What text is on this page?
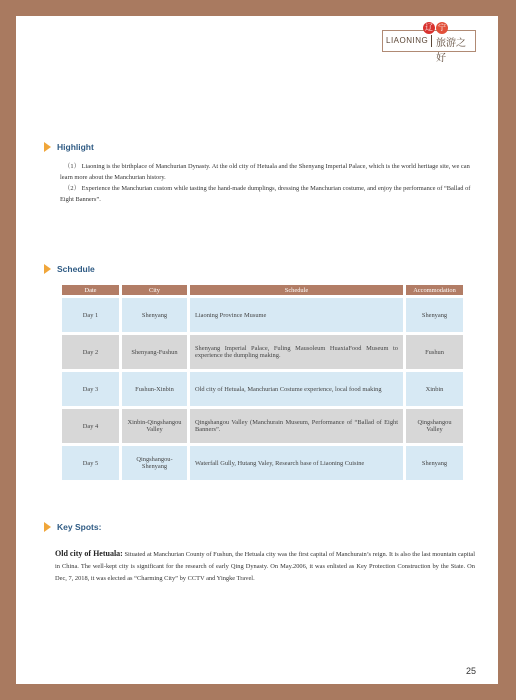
辽 宁
LIAONING 旅游之好
Highlight

（1） Liaoning is the birthplace of Manchurian Dynasty. At the old city of Hetuala and the Shenyang Imperial Palace, which is the world heritage site, we can learn more about the Manchurian history.

（2） Experience the Manchurian custom while tasting the hand-made dumplings, dressing the Manchurian costume, and enjoy the performance of “Ballad of Eight Banners”.

Schedule
Date	City	Schedule	Accommodation
Day 1	Shenyang	Liaoning Province Musume	Shenyang
Day 2	Shenyang-Fushun	Shenyang Imperial Palace, Fuling Mausoleum HuaxiaFood Museum to experience the dumpling making.	Fushun
Day 3	Fushun-Xinbin	Old city of Hetuala, Manchurian Costume experience, local food making	Xinbin
Day 4	Xinbin-Qingshangou Valley	Qingshangou Valley (Manchurain Museum, Performance of “Ballad of Eight Banners”.	Qingshangou Valley
Day 5	Qingshangou-Shenyang	Waterfall Gully, Hutang Valey, Research base of Liaoning Cuisine	Shenyang
Key Spots:
Old city of Hetuala: Situated at Manchurian County of Fushun, the Hetuala city was the first capital of Manchurain’s reign. It is also the last mountain capital in China. The well-kept city is significant for the research of early Qing Dynasty. On May.2006, it was enlisted as Key Protection Construction by the State. On Dec, 7, 2018, it was elected as “Charming City” by CCTV and Yingke Travel.
25
